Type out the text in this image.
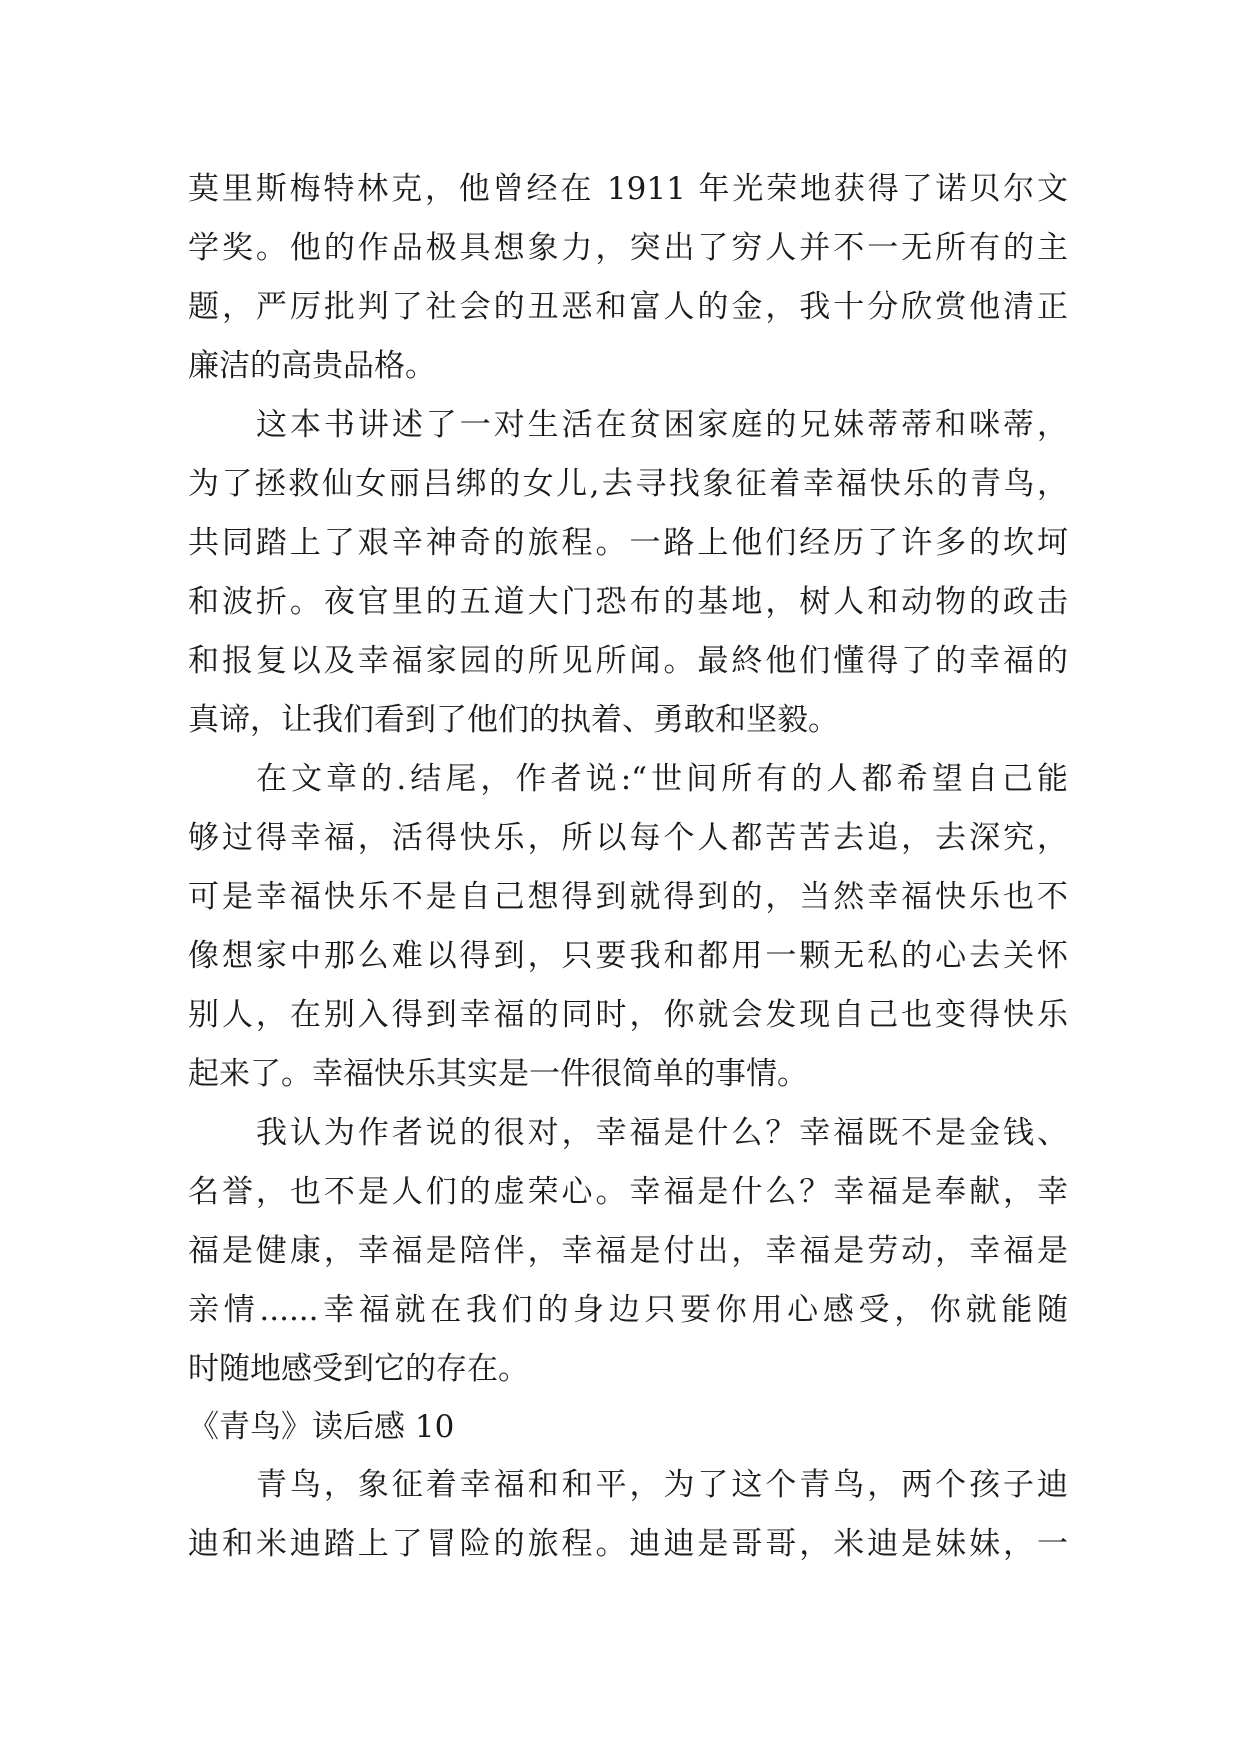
莫里斯梅特林克，他曾经在 1911 年光荣地获得了诺贝尔文
学奖。他的作品极具想象力，突出了穷人并不一无所有的主
题，严厉批判了社会的丑恶和富人的金，我十分欣赏他清正
廉洁的高贵品格。
这本书讲述了一对生活在贫困家庭的兄妹蒂蒂和咪蒂，
为了拯救仙女丽吕绑的女儿,去寻找象征着幸福快乐的青鸟，
共同踏上了艰辛神奇的旅程。一路上他们经历了许多的坎坷
和波折。夜官里的五道大门恐布的基地，树人和动物的政击
和报复以及幸福家园的所见所闻。最終他们懂得了的幸福的
真谛，让我们看到了他们的执着、勇敢和坚毅。
在文章的.结尾，作者说:“世间所有的人都希望自己能
够过得幸福，活得快乐，所以每个人都苦苦去追，去深究，
可是幸福快乐不是自己想得到就得到的，当然幸福快乐也不
像想家中那么难以得到，只要我和都用一颗无私的心去关怀
别人，在别入得到幸福的同时，你就会发现自己也变得快乐
起来了。幸福快乐其实是一件很简单的事情。
我认为作者说的很对，幸福是什么？幸福既不是金钱、
名誉，也不是人们的虚荣心。幸福是什么？幸福是奉献，幸
福是健康，幸福是陪伴，幸福是付出，幸福是劳动，幸福是
亲情......幸福就在我们的身边只要你用心感受，你就能随
时随地感受到它的存在。
《青鸟》读后感 10
青鸟，象征着幸福和和平，为了这个青鸟，两个孩子迪
迪和米迪踏上了冒险的旅程。迪迪是哥哥，米迪是妹妹，一
